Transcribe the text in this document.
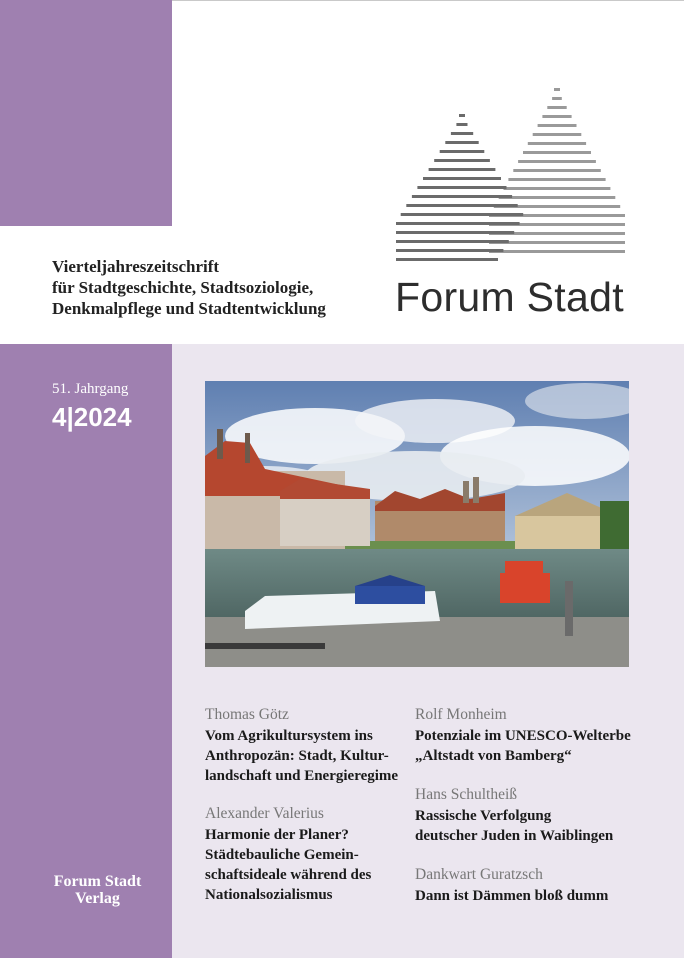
Vierteljahreszeitschrift
für Stadtgeschichte, Stadtsoziologie,
Denkmalpflege und Stadtentwicklung	Forum Stadt
51. Jahrgang
4|2024
Thomas Götz
Vom Agrikultursystem ins
Anthropozän: Stadt, Kultur-
landschaft und Energieregime
Alexander Valerius
Harmonie der Planer?
Städtebauliche Gemein-
schaftsideale während des
Nationalsozialismus
Rolf Monheim
Potenziale im UNESCO-Welterbe
„Altstadt von Bamberg“
Hans Schultheiß
Rassische Verfolgung
deutscher Juden in Waiblingen
Dankwart Guratzsch
Dann ist Dämmen bloß dumm
Forum Stadt
Verlag
